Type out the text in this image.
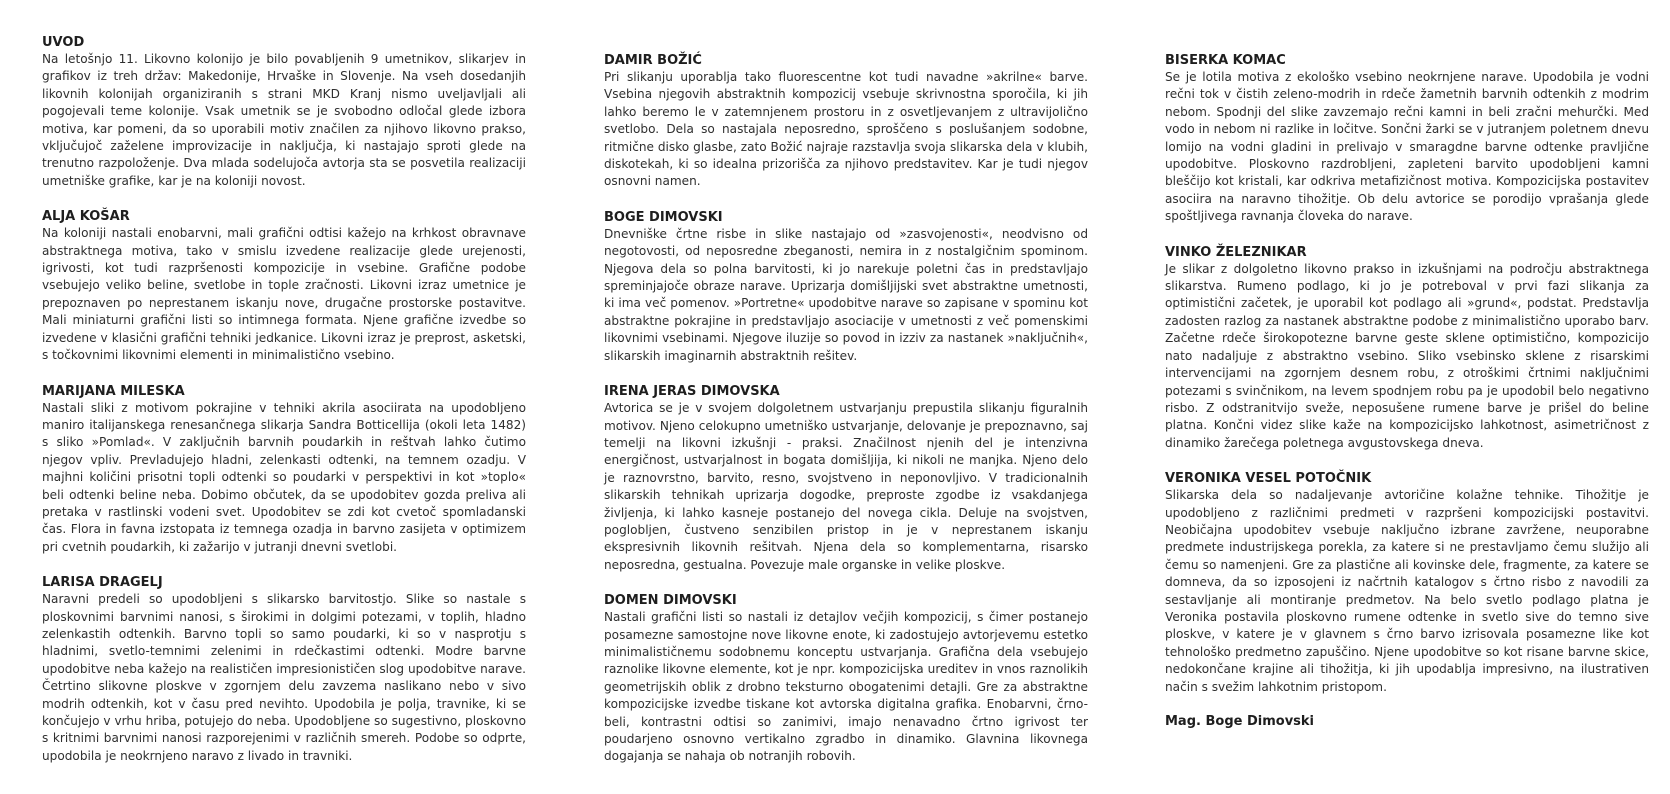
UVOD

Na letošnjo 11. Likovno kolonijo je bilo povabljenih 9 umetnikov, slikarjev in grafikov iz treh držav: Makedonije, Hrvaške in Slovenje. Na vseh dosedanjih likovnih kolonijah organiziranih s strani MKD Kranj nismo uveljavljali ali pogojevali teme kolonije. Vsak umetnik se je svobodno odločal glede izbora motiva, kar pomeni, da so uporabili motiv značilen za njihovo likovno prakso, vključujoč zaželene improvizacije in naključja, ki nastajajo sproti glede na trenutno razpoloženje. Dva mlada sodelujoča avtorja sta se posvetila realizaciji umetniške grafike, kar je na koloniji novost.

ALJA KOŠAR

Na koloniji nastali enobarvni, mali grafični odtisi kažejo na krhkost obravnave abstraktnega motiva, tako v smislu izvedene realizacije glede urejenosti, igrivosti, kot tudi razpršenosti kompozicije in vsebine. Grafične podobe vsebujejo veliko beline, svetlobe in tople zračnosti. Likovni izraz umetnice je prepoznaven po neprestanem iskanju nove, drugačne prostorske postavitve. Mali miniaturni grafični listi so intimnega formata. Njene grafične izvedbe so izvedene v klasični grafični tehniki jedkanice. Likovni izraz je preprost, asketski, s točkovnimi likovnimi elementi in minimalistično vsebino.

MARIJANA MILESKA

Nastali sliki z motivom pokrajine v tehniki akrila asociirata na upodobljeno maniro italijanskega renesančnega slikarja Sandra Botticellija (okoli leta 1482) s sliko »Pomlad«. V zaključnih barvnih poudarkih in reštvah lahko čutimo njegov vpliv. Prevladujejo hladni, zelenkasti odtenki, na temnem ozadju. V majhni količini prisotni topli odtenki so poudarki v perspektivi in kot »toplo« beli odtenki beline neba. Dobimo občutek, da se upodobitev gozda preliva ali pretaka v rastlinski vodeni svet. Upodobitev se zdi kot cvetoč spomladanski čas. Flora in favna izstopata iz temnega ozadja in barvno zasijeta v optimizem pri cvetnih poudarkih, ki zažarijo v jutranji dnevni svetlobi.

LARISA DRAGELJ

Naravni predeli so upodobljeni s slikarsko barvitostjo. Slike so nastale s ploskovnimi barvnimi nanosi, s širokimi in dolgimi potezami, v toplih, hladno zelenkastih odtenkih. Barvno topli so samo poudarki, ki so v nasprotju s hladnimi, svetlo-temnimi zelenimi in rdečkastimi odtenki. Modre barvne upodobitve neba kažejo na realističen impresionističen slog upodobitve narave. Četrtino slikovne ploskve v zgornjem delu zavzema naslikano nebo v sivo modrih odtenkih, kot v času pred nevihto. Upodobila je polja, travnike, ki se končujejo v vrhu hriba, potujejo do neba. Upodobljene so sugestivno, ploskovno s kritnimi barvnimi nanosi razporejenimi v različnih smereh. Podobe so odprte, upodobila je neokrnjeno naravo z livado in travniki.

DAMIR BOŽIĆ

Pri slikanju uporablja tako fluorescentne kot tudi navadne »akrilne« barve. Vsebina njegovih abstraktnih kompozicij vsebuje skrivnostna sporočila, ki jih lahko beremo le v zatemnjenem prostoru in z osvetljevanjem z ultravijolično svetlobo. Dela so nastajala neposredno, sproščeno s poslušanjem sodobne, ritmične disko glasbe, zato Božić najraje razstavlja svoja slikarska dela v klubih, diskotekah, ki so idealna prizorišča za njihovo predstavitev. Kar je tudi njegov osnovni namen.

BOGE DIMOVSKI

Dnevniške črtne risbe in slike nastajajo od »zasvojenosti«, neodvisno od negotovosti, od neposredne zbeganosti, nemira in z nostalgičnim spominom. Njegova dela so polna barvitosti, ki jo narekuje poletni čas in predstavljajo spreminjajoče obraze narave. Uprizarja domišljijski svet abstraktne umetnosti, ki ima več pomenov. »Portretne« upodobitve narave so zapisane v spominu kot abstraktne pokrajine in predstavljajo asociacije v umetnosti z več pomenskimi likovnimi vsebinami. Njegove iluzije so povod in izziv za nastanek »naključnih«, slikarskih imaginarnih abstraktnih rešitev.

IRENA JERAS DIMOVSKA

Avtorica se je v svojem dolgoletnem ustvarjanju prepustila slikanju figuralnih motivov. Njeno celokupno umetniško ustvarjanje, delovanje je prepoznavno, saj temelji na likovni izkušnji - praksi. Značilnost njenih del je intenzivna energičnost, ustvarjalnost in bogata domišljija, ki nikoli ne manjka. Njeno delo je raznovrstno, barvito, resno, svojstveno in neponovljivo. V tradicionalnih slikarskih tehnikah uprizarja dogodke, preproste zgodbe iz vsakdanjega življenja, ki lahko kasneje postanejo del novega cikla. Deluje na svojstven, poglobljen, čustveno senzibilen pristop in je v neprestanem iskanju ekspresivnih likovnih rešitvah. Njena dela so komplementarna, risarsko neposredna, gestualna. Povezuje male organske in velike ploskve.

DOMEN DIMOVSKI

Nastali grafični listi so nastali iz detajlov večjih kompozicij, s čimer postanejo posamezne samostojne nove likovne enote, ki zadostujejo avtorjevemu estetko minimalističnemu sodobnemu konceptu ustvarjanja. Grafična dela vsebujejo raznolike likovne elemente, kot je npr. kompozicijska ureditev in vnos raznolikih geometrijskih oblik z drobno teksturno obogatenimi detajli. Gre za abstraktne kompozicijske izvedbe tiskane kot avtorska digitalna grafika. Enobarvni, črno-beli, kontrastni odtisi so zanimivi, imajo nenavadno črtno igrivost ter poudarjeno osnovno vertikalno zgradbo in dinamiko. Glavnina likovnega dogajanja se nahaja ob notranjih robovih.

BISERKA KOMAC

Se je lotila motiva z ekološko vsebino neokrnjene narave. Upodobila je vodni rečni tok v čistih zeleno-modrih in rdeče žametnih barvnih odtenkih z modrim nebom. Spodnji del slike zavzemajo rečni kamni in beli zračni mehurčki. Med vodo in nebom ni razlike in ločitve. Sončni žarki se v jutranjem poletnem dnevu lomijo na vodni gladini in prelivajo v smaragdne barvne odtenke pravljične upodobitve. Ploskovno razdrobljeni, zapleteni barvito upodobljeni kamni bleščijo kot kristali, kar odkriva metafizičnost motiva. Kompozicijska postavitev asociira na naravno tihožitje. Ob delu avtorice se porodijo vprašanja glede spoštljivega ravnanja človeka do narave.

VINKO ŽELEZNIKAR

Je slikar z dolgoletno likovno prakso in izkušnjami na področju abstraktnega slikarstva. Rumeno podlago, ki jo je potreboval v prvi fazi slikanja za optimistični začetek, je uporabil kot podlago ali »grund«, podstat. Predstavlja zadosten razlog za nastanek abstraktne podobe z minimalistično uporabo barv. Začetne rdeče širokopotezne barvne geste sklene optimistično, kompozicijo nato nadaljuje z abstraktno vsebino. Sliko vsebinsko sklene z risarskimi intervencijami na zgornjem desnem robu, z otroškimi črtnimi naključnimi potezami s svinčnikom, na levem spodnjem robu pa je upodobil belo negativno risbo. Z odstranitvijo sveže, neposušene rumene barve je prišel do beline platna. Končni videz slike kaže na kompozicijsko lahkotnost, asimetričnost z dinamiko žarečega poletnega avgustovskega dneva.

VERONIKA VESEL POTOČNIK

Slikarska dela so nadaljevanje avtoričine kolažne tehnike. Tihožitje je upodobljeno z različnimi predmeti v razpršeni kompozicijski postavitvi. Neobičajna upodobitev vsebuje naključno izbrane zavržene, neuporabne predmete industrijskega porekla, za katere si ne prestavljamo čemu služijo ali čemu so namenjeni. Gre za plastične ali kovinske dele, fragmente, za katere se domneva, da so izposojeni iz načrtnih katalogov s črtno risbo z navodili za sestavljanje ali montiranje predmetov. Na belo svetlo podlago platna je Veronika postavila ploskovno rumene odtenke in svetlo sive do temno sive ploskve, v katere je v glavnem s črno barvo izrisovala posamezne like kot tehnološko predmetno zapuščino. Njene upodobitve so kot risane barvne skice, nedokončane krajine ali tihožitja, ki jih upodablja impresivno, na ilustrativen način s svežim lahkotnim pristopom.

Mag. Boge Dimovski
